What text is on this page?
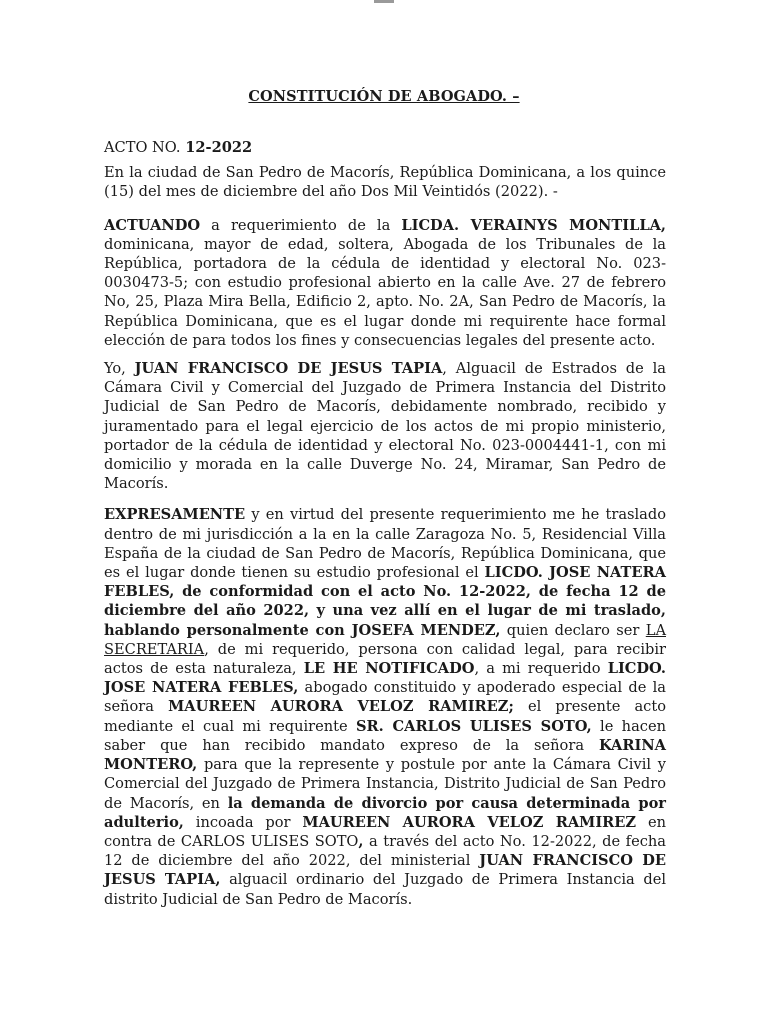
CONSTITUCIÓN DE ABOGADO. –

ACTO NO. 12-2022

En la ciudad de San Pedro de Macorís, República Dominicana, a los quince (15) del mes de diciembre del año Dos Mil Veintidós (2022). -

ACTUANDO a requerimiento de la LICDA. VERAINYS MONTILLA, dominicana, mayor de edad, soltera, Abogada de los Tribunales de la República, portadora de la cédula de identidad y electoral No. 023-0030473-5; con estudio profesional abierto en la calle Ave. 27 de febrero No, 25, Plaza Mira Bella, Edificio 2, apto. No. 2A, San Pedro de Macorís, la República Dominicana, que es el lugar donde mi requirente hace formal elección de para todos los fines y consecuencias legales del presente acto.

Yo, JUAN FRANCISCO DE JESUS TAPIA, Alguacil de Estrados de la Cámara Civil y Comercial del Juzgado de Primera Instancia del Distrito Judicial de San Pedro de Macorís, debidamente nombrado, recibido y juramentado para el legal ejercicio de los actos de mi propio ministerio, portador de la cédula de identidad y electoral No. 023-0004441-1, con mi domicilio y morada en la calle Duverge No. 24, Miramar, San Pedro de Macorís.

EXPRESAMENTE y en virtud del presente requerimiento me he traslado dentro de mi jurisdicción a la en la calle Zaragoza No. 5, Residencial Villa España de la ciudad de San Pedro de Macorís, República Dominicana, que es el lugar donde tienen su estudio profesional el LICDO. JOSE NATERA FEBLES, de conformidad con el acto No. 12-2022, de fecha 12 de diciembre del año 2022, y una vez allí en el lugar de mi traslado, hablando personalmente con JOSEFA MENDEZ, quien declaro ser LA SECRETARIA, de mi requerido, persona con calidad legal, para recibir actos de esta naturaleza, LE HE NOTIFICADO, a mi requerido LICDO. JOSE NATERA FEBLES, abogado constituido y apoderado especial de la señora MAUREEN AURORA VELOZ RAMIREZ; el presente acto mediante el cual mi requirente SR. CARLOS ULISES SOTO, le hacen saber que han recibido mandato expreso de la señora KARINA MONTERO, para que la represente y postule por ante la Cámara Civil y Comercial del Juzgado de Primera Instancia, Distrito Judicial de San Pedro de Macorís, en la demanda de divorcio por causa determinada por adulterio, incoada por MAUREEN AURORA VELOZ RAMIREZ en contra de CARLOS ULISES SOTO, a través del acto No. 12-2022, de fecha 12 de diciembre del año 2022, del ministerial JUAN FRANCISCO DE JESUS TAPIA, alguacil ordinario del Juzgado de Primera Instancia del distrito Judicial de San Pedro de Macorís.
